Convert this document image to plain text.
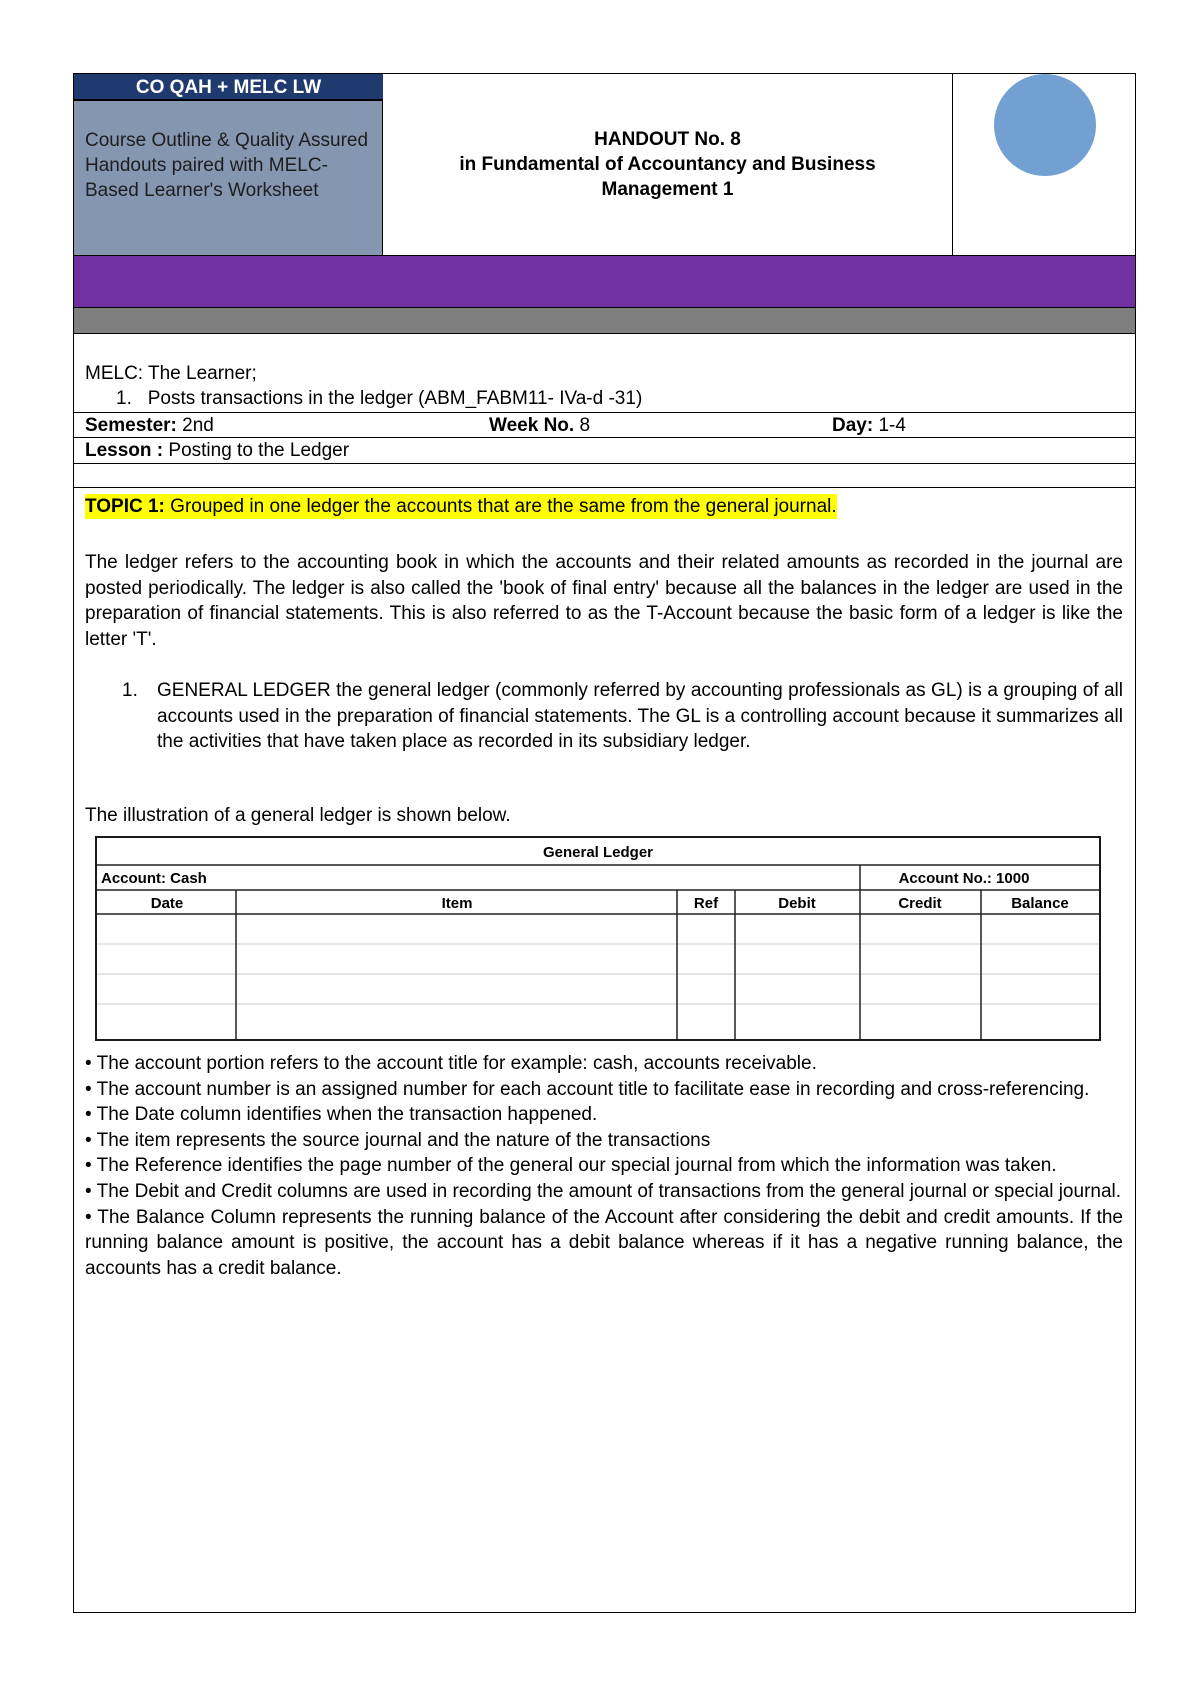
CO QAH + MELC LW
Course Outline & Quality Assured Handouts paired with MELC- Based Learner's Worksheet
HANDOUT No. 8
in Fundamental of Accountancy and Business
Management 1
MELC: The Learner;
1. Posts transactions in the ledger (ABM_FABM11- IVa-d -31)
Semester: 2nd	Week No. 8	Day: 1-4
Lesson : Posting to the Ledger
TOPIC 1: Grouped in one ledger the accounts that are the same from the general journal.
The ledger refers to the accounting book in which the accounts and their related amounts as recorded in the journal are posted periodically. The ledger is also called the 'book of final entry' because all the balances in the ledger are used in the preparation of financial statements. This is also referred to as the T-Account because the basic form of a ledger is like the letter 'T'.
1. GENERAL LEDGER the general ledger (commonly referred by accounting professionals as GL) is a grouping of all accounts used in the preparation of financial statements. The GL is a controlling account because it summarizes all the activities that have taken place as recorded in its subsidiary ledger.
The illustration of a general ledger is shown below.
General Ledger
Account: Cash	Account No.: 1000
Date	Item	Ref	Debit	Credit	Balance
• The account portion refers to the account title for example: cash, accounts receivable.
• The account number is an assigned number for each account title to facilitate ease in recording and cross-referencing.
• The Date column identifies when the transaction happened.
• The item represents the source journal and the nature of the transactions
• The Reference identifies the page number of the general our special journal from which the information was taken.
• The Debit and Credit columns are used in recording the amount of transactions from the general journal or special journal.
• The Balance Column represents the running balance of the Account after considering the debit and credit amounts. If the running balance amount is positive, the account has a debit balance whereas if it has a negative running balance, the accounts has a credit balance.
